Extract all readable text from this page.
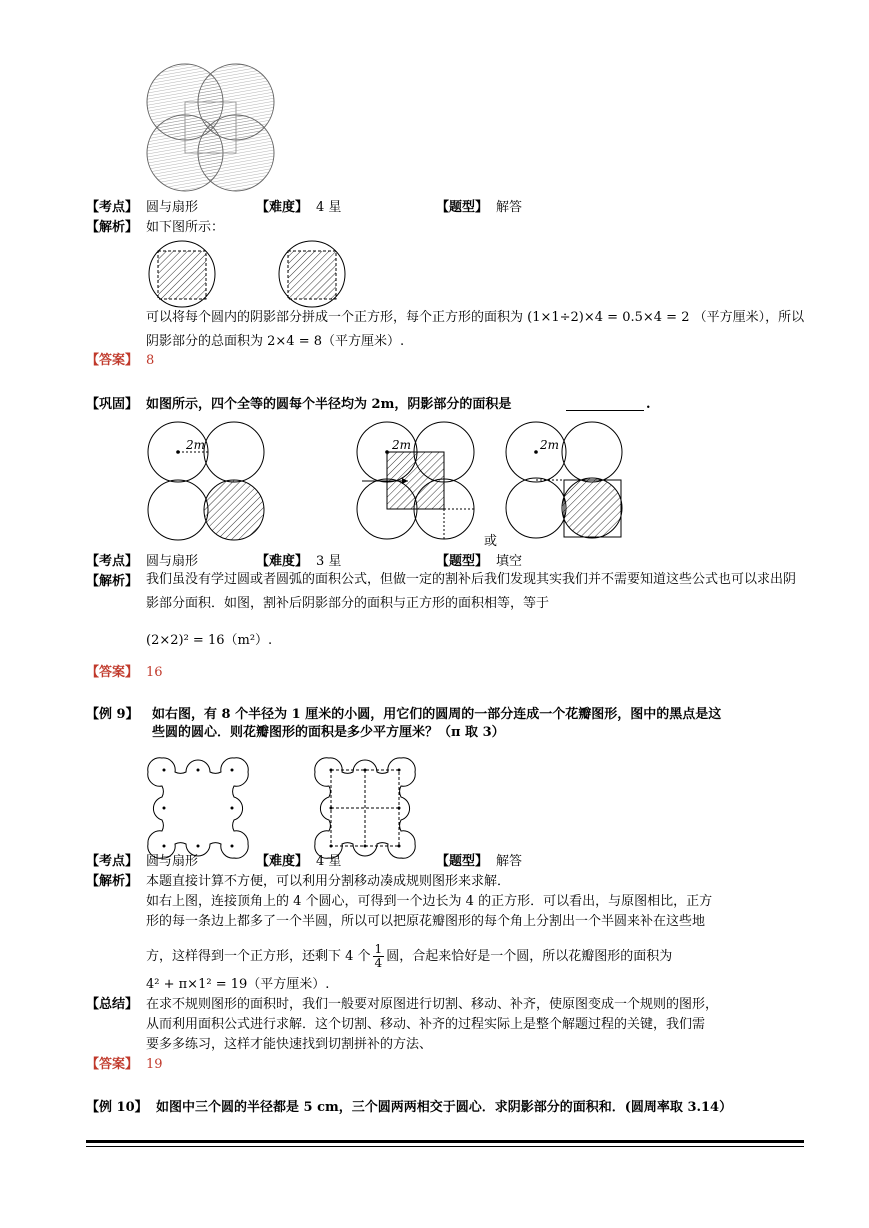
【考点】 圆与扇形	【难度】 4 星	【题型】 解答
【解析】 如下图所示：
可以将每个圆内的阴影部分拼成一个正方形，每个正方形的面积为 (1×1÷2)×4 = 0.5×4 = 2 （平方厘米），所以阴影部分的总面积为 2×4 = 8（平方厘米）.
【答案】 8
【巩固】 如图所示，四个全等的圆每个半径均为 2m，阴影部分的面积是	.
2m	2m	2m
或
【考点】 圆与扇形	【难度】 3 星	【题型】 填空
【解析】 我们虽没有学过圆或者圆弧的面积公式，但做一定的割补后我们发现其实我们并不需要知道这些公式也可以求出阴影部分面积．如图，割补后阴影部分的面积与正方形的面积相等，等于
(2×2)² = 16（m²）.
【答案】 16
【例 9】 如右图，有 8 个半径为 1 厘米的小圆，用它们的圆周的一部分连成一个花瓣图形，图中的黑点是这
些圆的圆心．则花瓣图形的面积是多少平方厘米？（π 取 3）
【考点】 圆与扇形	【难度】 4 星	【题型】 解答
【解析】 本题直接计算不方便，可以利用分割移动凑成规则图形来求解．
如右上图，连接顶角上的 4 个圆心，可得到一个边长为 4 的正方形．可以看出，与原图相比，正方
形的每一条边上都多了一个半圆，所以可以把原花瓣图形的每个角上分割出一个半圆来补在这些地
方，这样得到一个正方形，还剩下 4 个 $\frac{1}{4}$ 圆，合起来恰好是一个圆，所以花瓣图形的面积为
4² + π×1² = 19（平方厘米）.
【总结】 在求不规则图形的面积时，我们一般要对原图进行切割、移动、补齐，使原图变成一个规则的图形，
从而利用面积公式进行求解．这个切割、移动、补齐的过程实际上是整个解题过程的关键，我们需
要多多练习，这样才能快速找到切割拼补的方法、
【答案】 19
【例 10】 如图中三个圆的半径都是 5 cm，三个圆两两相交于圆心．求阴影部分的面积和．(圆周率取 3.14）
